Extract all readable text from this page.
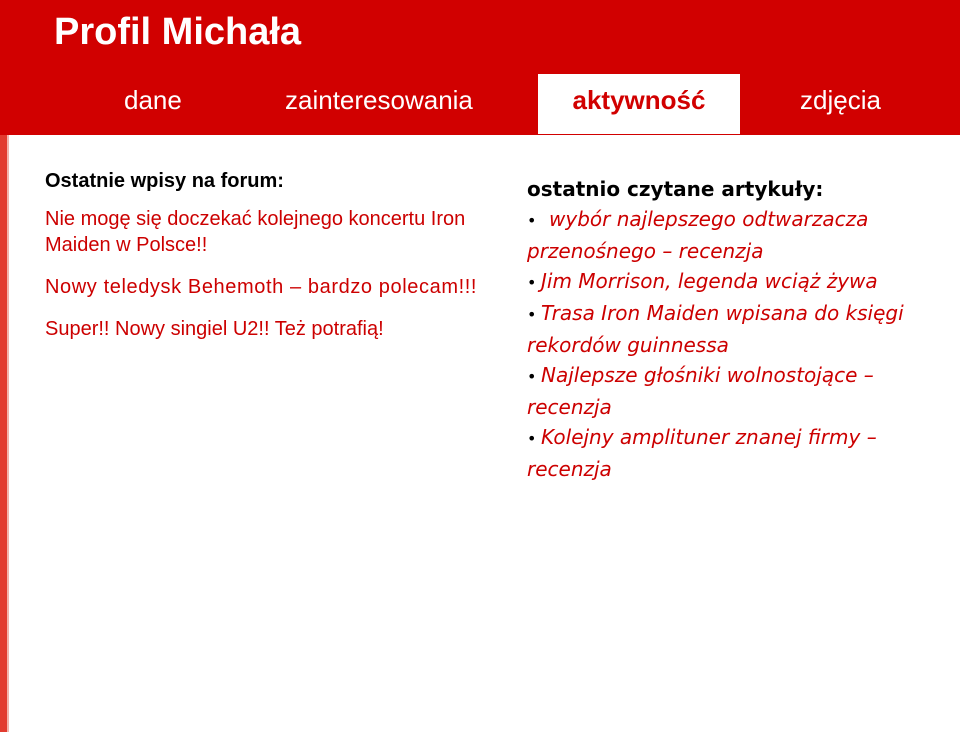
Profil Michała
dane	zainteresowania	aktywność	zdjęcia
Ostatnie wpisy na forum:

Nie mogę się doczekać kolejnego koncertu Iron Maiden w Polsce!!

Nowy teledysk Behemoth – bardzo polecam!!!

Super!! Nowy singiel U2!! Też potrafią!

ostatnio czytane artykuły:
• wybór najlepszego odtwarzacza przenośnego – recenzja
• Jim Morrison, legenda wciąż żywa
• Trasa Iron Maiden wpisana do księgi rekordów guinnessa
• Najlepsze głośniki wolnostojące – recenzja
• Kolejny amplituner znanej firmy – recenzja
